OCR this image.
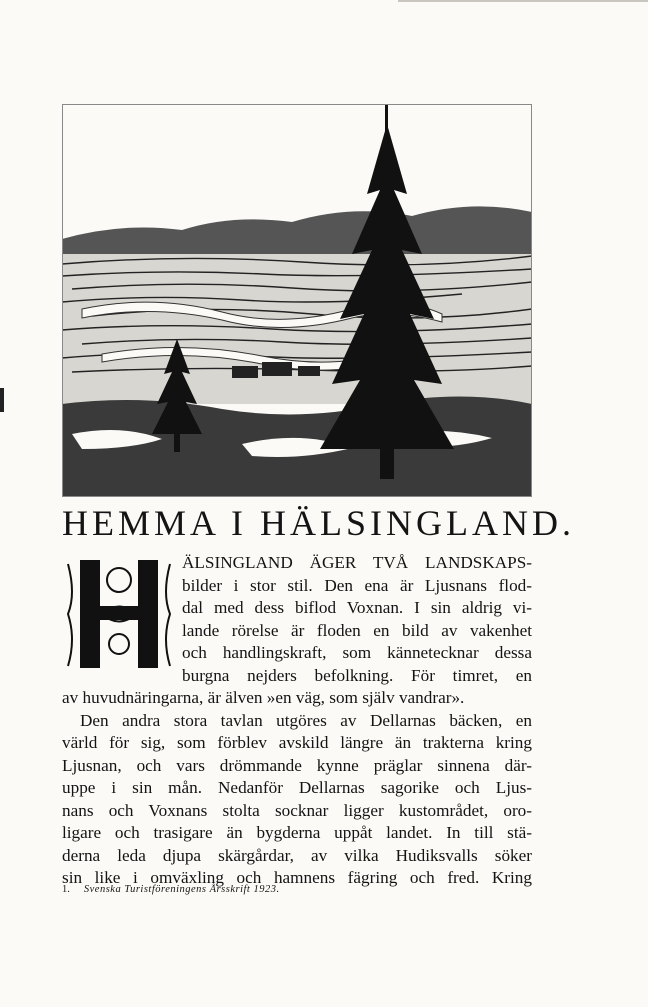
HEMMA I HÄLSINGLAND.
H
ÄLSINGLAND ÄGER TVÅ LANDSKAPS-
bilder i stor stil. Den ena är Ljusnans flod-
dal med dess biflod Voxnan. I sin aldrig vi-
lande rörelse är floden en bild av vakenhet
och handlingskraft, som kännetecknar dessa
burgna nejders befolkning. För timret, en
av huvudnäringarna, är älven »en väg, som själv vandrar».
Den andra stora tavlan utgöres av Dellarnas bäcken, en
värld för sig, som förblev avskild längre än trakterna kring
Ljusnan, och vars drömmande kynne präglar sinnena där-
uppe i sin mån. Nedanför Dellarnas sagorike och Ljus-
nans och Voxnans stolta socknar ligger kustområdet, oro-
ligare och trasigare än bygderna uppåt landet. In till stä-
derna leda djupa skärgårdar, av vilka Hudiksvalls söker
sin like i omväxling och hamnens fägring och fred. Kring
1. Svenska Turistföreningens Årsskrift 1923.
